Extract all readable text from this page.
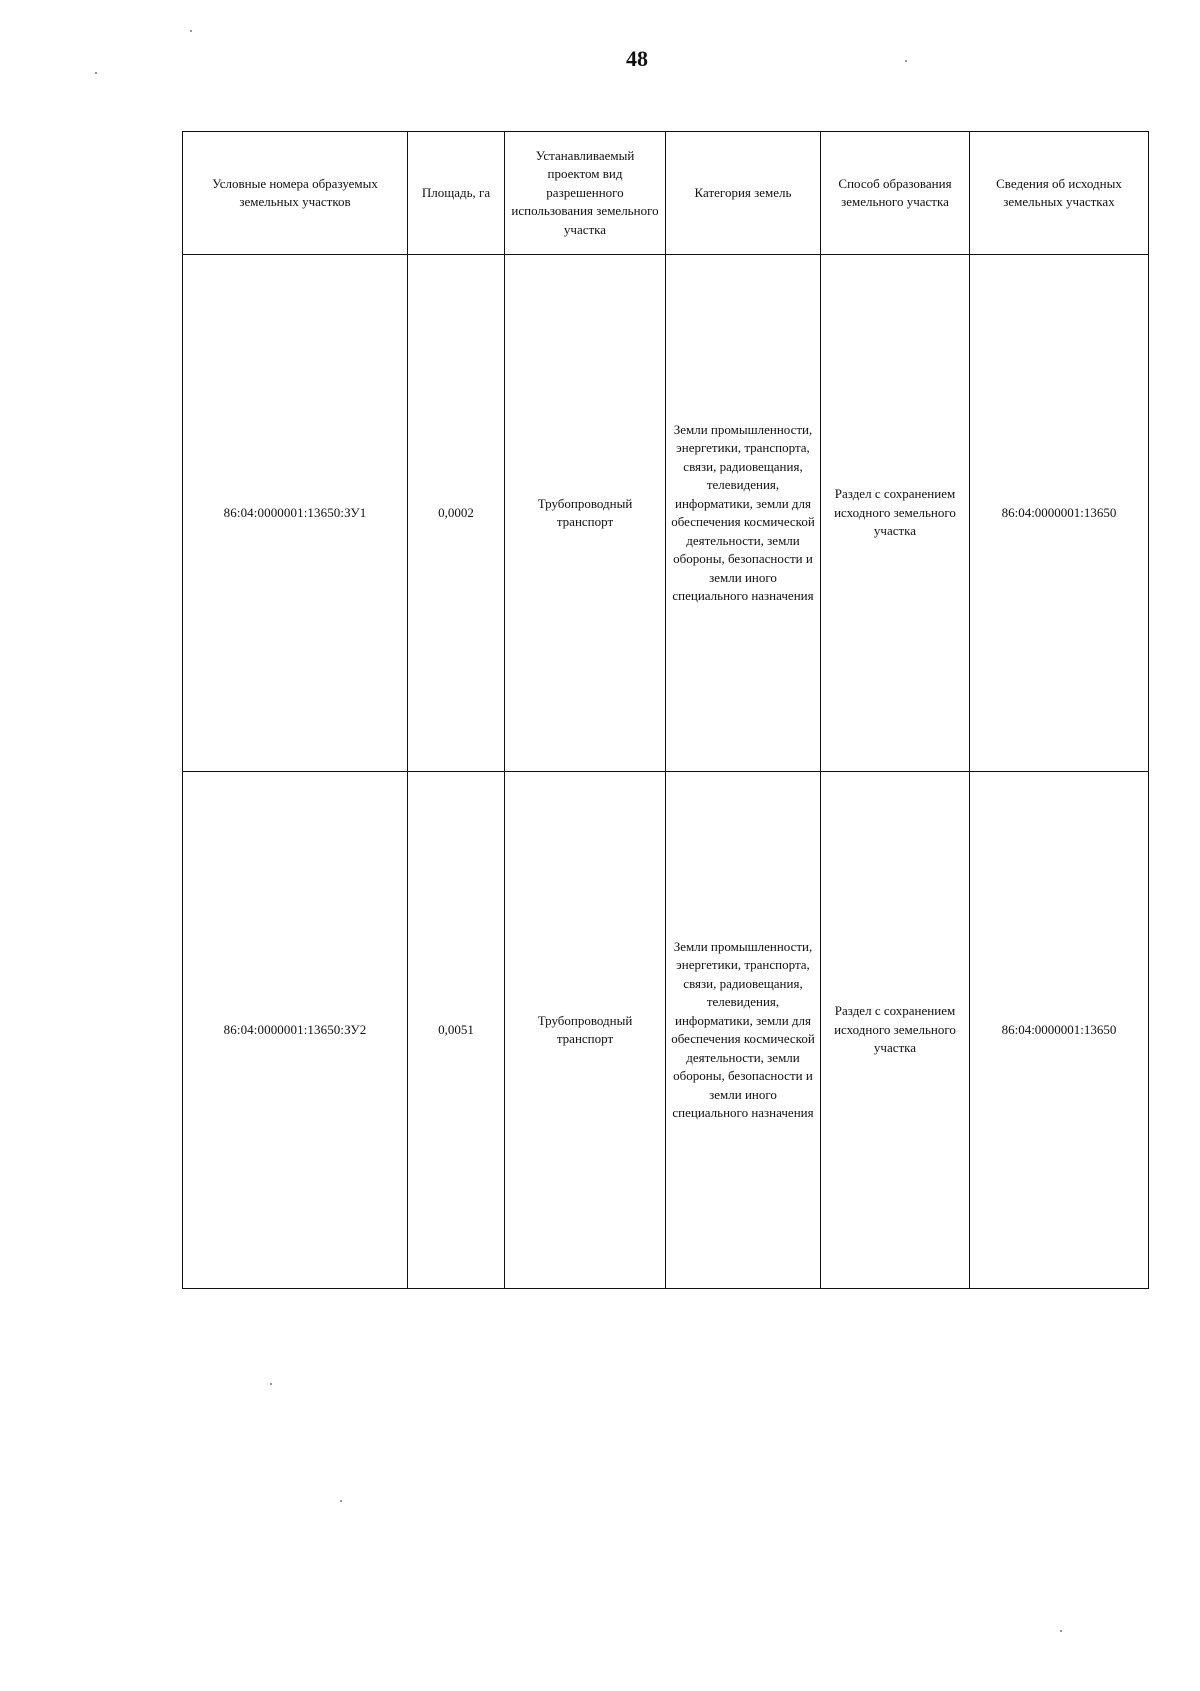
48
Условные номера образуемых земельных участков	Площадь, га	Устанавливаемый проектом вид разрешенного использования земельного участка	Категория земель	Способ образования земельного участка	Сведения об исходных земельных участках
86:04:0000001:13650:ЗУ1	0,0002	Трубопроводный транспорт	Земли промышленности, энергетики, транспорта, связи, радиовещания, телевидения, информатики, земли для обеспечения космической деятельности, земли обороны, безопасности и земли иного специального назначения	Раздел с сохранением исходного земельного участка	86:04:0000001:13650
86:04:0000001:13650:ЗУ2	0,0051	Трубопроводный транспорт	Земли промышленности, энергетики, транспорта, связи, радиовещания, телевидения, информатики, земли для обеспечения космической деятельности, земли обороны, безопасности и земли иного специального назначения	Раздел с сохранением исходного земельного участка	86:04:0000001:13650
